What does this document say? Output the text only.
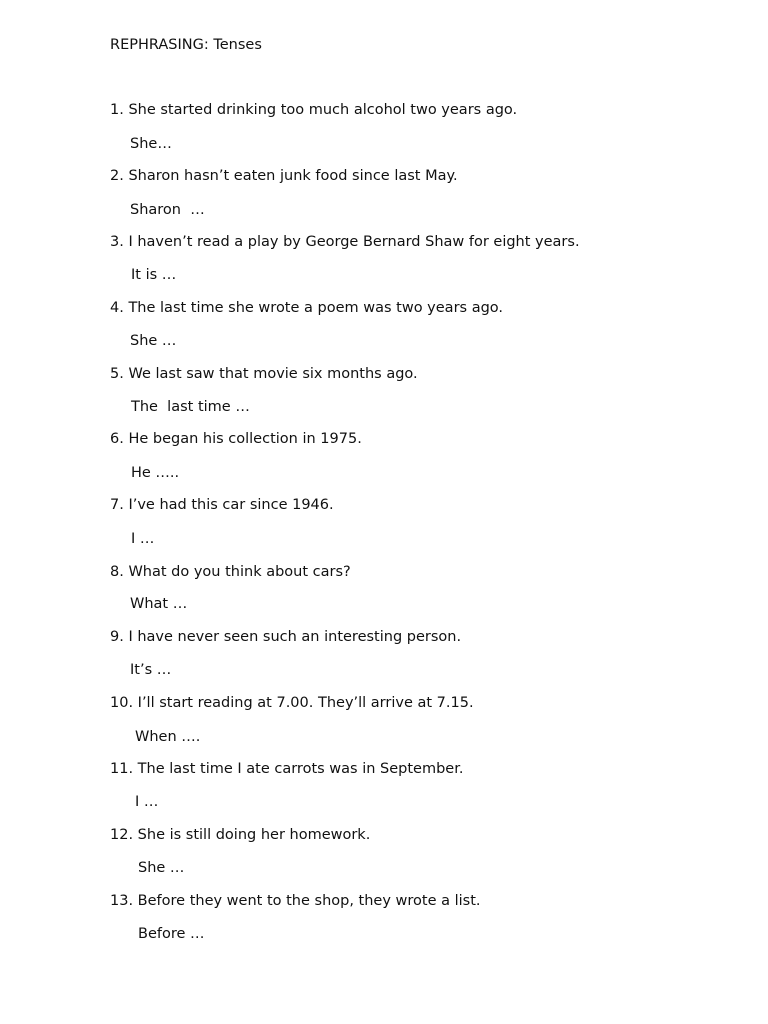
REPHRASING: Tenses
1. She started drinking too much alcohol two years ago.
She…
2. Sharon hasn’t eaten junk food since last May.
Sharon  …
3. I haven’t read a play by George Bernard Shaw for eight years.
It is …
4. The last time she wrote a poem was two years ago.
She …
5. We last saw that movie six months ago.
The  last time …
6. He began his collection in 1975.
He …..
7. I’ve had this car since 1946.
I …
8. What do you think about cars?
What …
9. I have never seen such an interesting person.
It’s …
10. I’ll start reading at 7.00. They’ll arrive at 7.15.
When ….
11. The last time I ate carrots was in September.
I …
12. She is still doing her homework.
She …
13. Before they went to the shop, they wrote a list.
Before …
